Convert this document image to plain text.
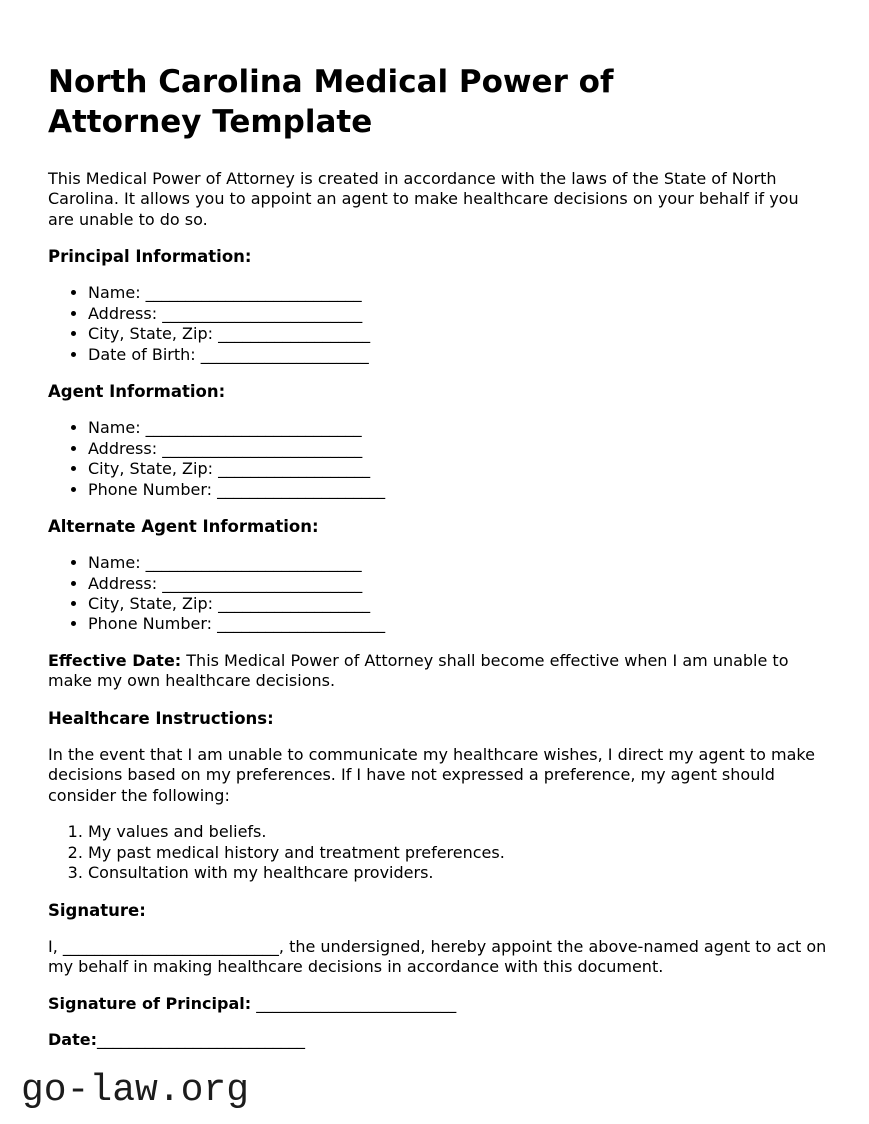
North Carolina Medical Power of Attorney Template

This Medical Power of Attorney is created in accordance with the laws of the State of North Carolina. It allows you to appoint an agent to make healthcare decisions on your behalf if you are unable to do so.

Principal Information:

• Name: ___________________________
• Address: _________________________
• City, State, Zip: ___________________
• Date of Birth: _____________________

Agent Information:

• Name: ___________________________
• Address: _________________________
• City, State, Zip: ___________________
• Phone Number: _____________________

Alternate Agent Information:

• Name: ___________________________
• Address: _________________________
• City, State, Zip: ___________________
• Phone Number: _____________________

Effective Date: This Medical Power of Attorney shall become effective when I am unable to make my own healthcare decisions.

Healthcare Instructions:

In the event that I am unable to communicate my healthcare wishes, I direct my agent to make decisions based on my preferences. If I have not expressed a preference, my agent should consider the following:

1. My values and beliefs.
2. My past medical history and treatment preferences.
3. Consultation with my healthcare providers.

Signature:

I, ___________________________, the undersigned, hereby appoint the above-named agent to act on my behalf in making healthcare decisions in accordance with this document.

Signature of Principal: _________________________

Date:__________________________

go-law.org
